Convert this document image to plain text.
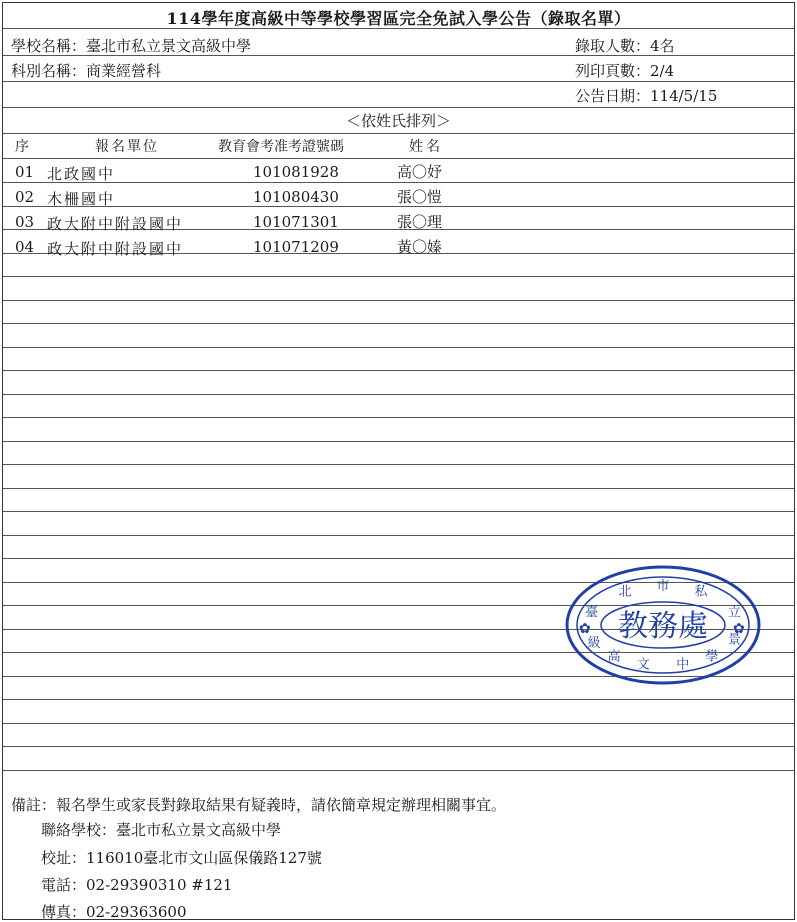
114學年度高級中等學校學習區完全免試入學公告（錄取名單）
學校名稱：臺北市私立景文高級中學	錄取人數：4名
科別名稱：商業經營科	列印頁數：2/4
公告日期：114/5/15
＜依姓氏排列＞
序	報名單位	教育會考准考證號碼	姓名
01 北政國中	101081928	高〇妤
02 木柵國中	101080430	張〇愷
03 政大附中附設國中	101071301	張〇理
04 政大附中附設國中	101071209	黃〇嫀
教務處
臺
北 市 私
立
景
文
高
級
中
學
✿	✿
備註：報名學生或家長對錄取結果有疑義時，請依簡章規定辦理相關事宜。
聯絡學校：臺北市私立景文高級中學
校址：116010臺北市文山區保儀路127號
電話：02-29390310 #121
傳真：02-29363600
